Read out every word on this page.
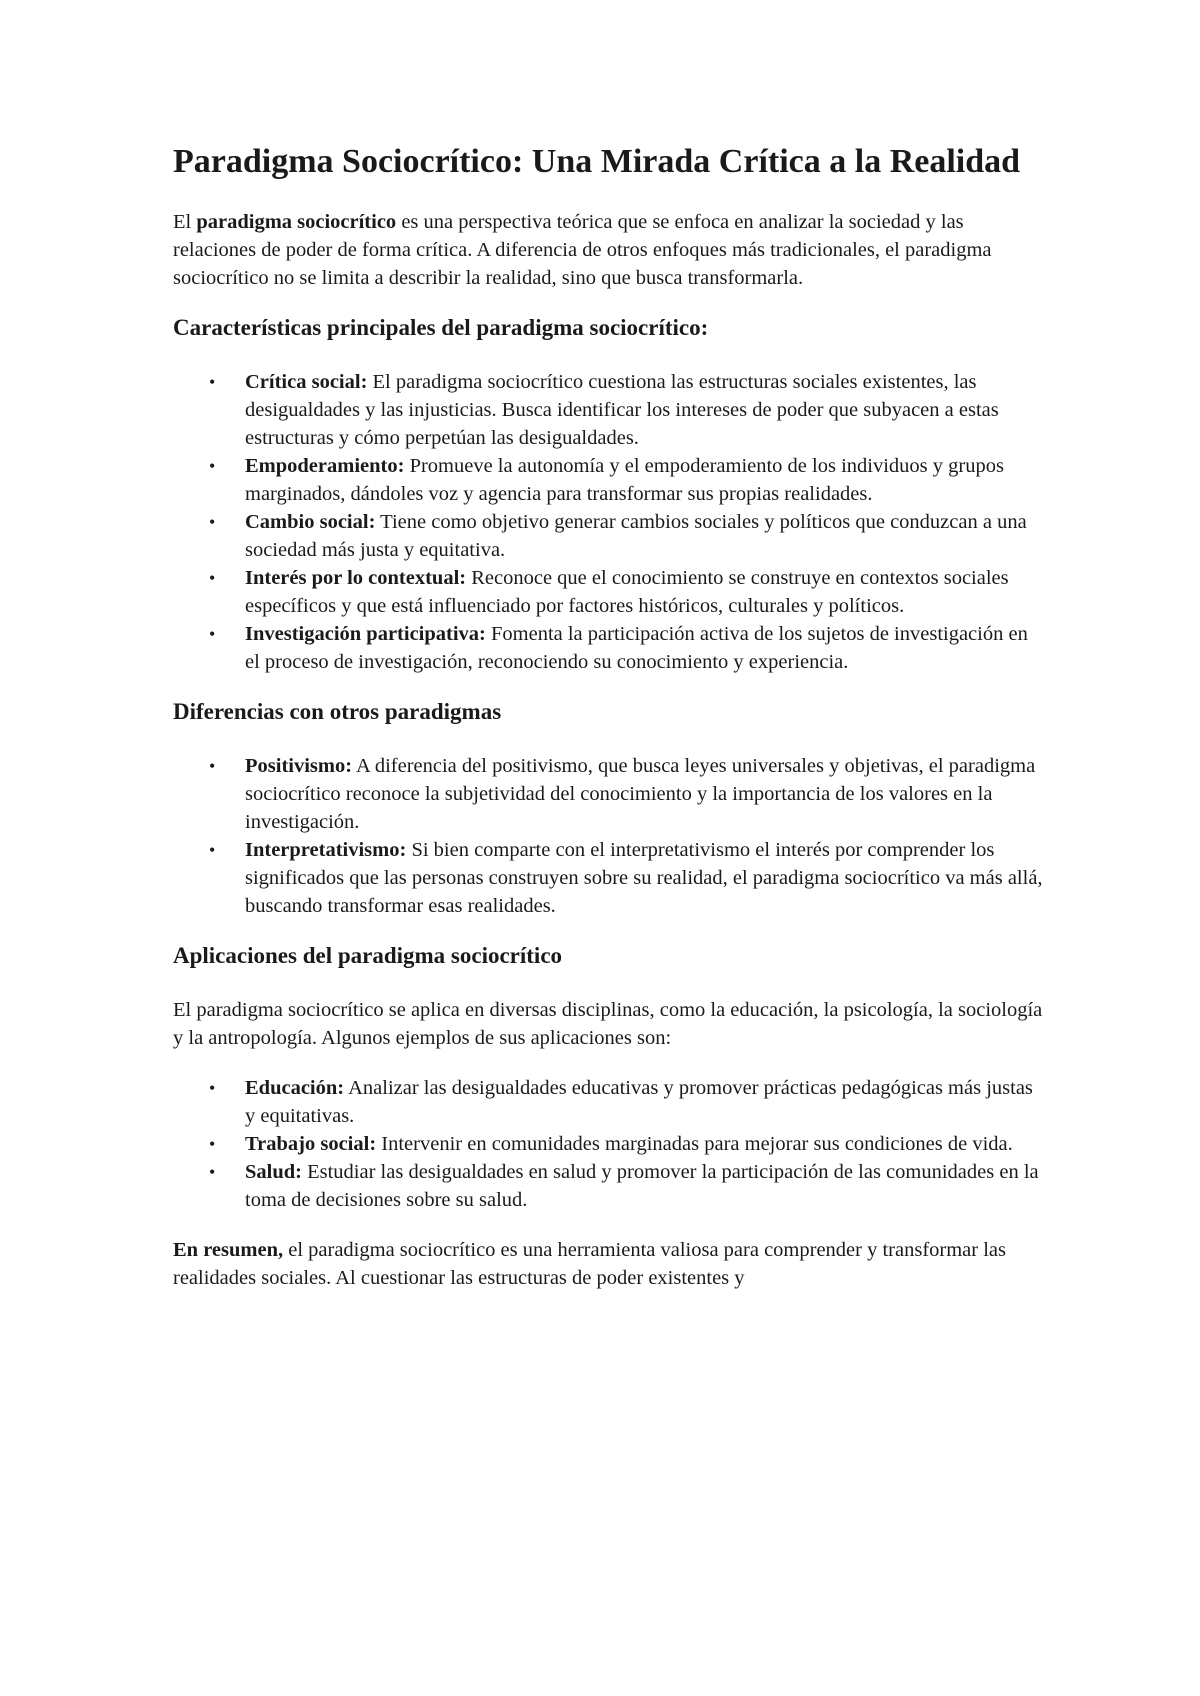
Paradigma Sociocrítico: Una Mirada Crítica a la Realidad

El paradigma sociocrítico es una perspectiva teórica que se enfoca en analizar la sociedad y las relaciones de poder de forma crítica. A diferencia de otros enfoques más tradicionales, el paradigma sociocrítico no se limita a describir la realidad, sino que busca transformarla.

Características principales del paradigma sociocrítico:
• Crítica social: El paradigma sociocrítico cuestiona las estructuras sociales existentes, las desigualdades y las injusticias. Busca identificar los intereses de poder que subyacen a estas estructuras y cómo perpetúan las desigualdades.
• Empoderamiento: Promueve la autonomía y el empoderamiento de los individuos y grupos marginados, dándoles voz y agencia para transformar sus propias realidades.
• Cambio social: Tiene como objetivo generar cambios sociales y políticos que conduzcan a una sociedad más justa y equitativa.
• Interés por lo contextual: Reconoce que el conocimiento se construye en contextos sociales específicos y que está influenciado por factores históricos, culturales y políticos.
• Investigación participativa: Fomenta la participación activa de los sujetos de investigación en el proceso de investigación, reconociendo su conocimiento y experiencia.
Diferencias con otros paradigmas
• Positivismo: A diferencia del positivismo, que busca leyes universales y objetivas, el paradigma sociocrítico reconoce la subjetividad del conocimiento y la importancia de los valores en la investigación.
• Interpretativismo: Si bien comparte con el interpretativismo el interés por comprender los significados que las personas construyen sobre su realidad, el paradigma sociocrítico va más allá, buscando transformar esas realidades.
Aplicaciones del paradigma sociocrítico

El paradigma sociocrítico se aplica en diversas disciplinas, como la educación, la psicología, la sociología y la antropología. Algunos ejemplos de sus aplicaciones son:

• Educación: Analizar las desigualdades educativas y promover prácticas pedagógicas más justas y equitativas.
• Trabajo social: Intervenir en comunidades marginadas para mejorar sus condiciones de vida.
• Salud: Estudiar las desigualdades en salud y promover la participación de las comunidades en la toma de decisiones sobre su salud.

En resumen, el paradigma sociocrítico es una herramienta valiosa para comprender y transformar las realidades sociales. Al cuestionar las estructuras de poder existentes y
